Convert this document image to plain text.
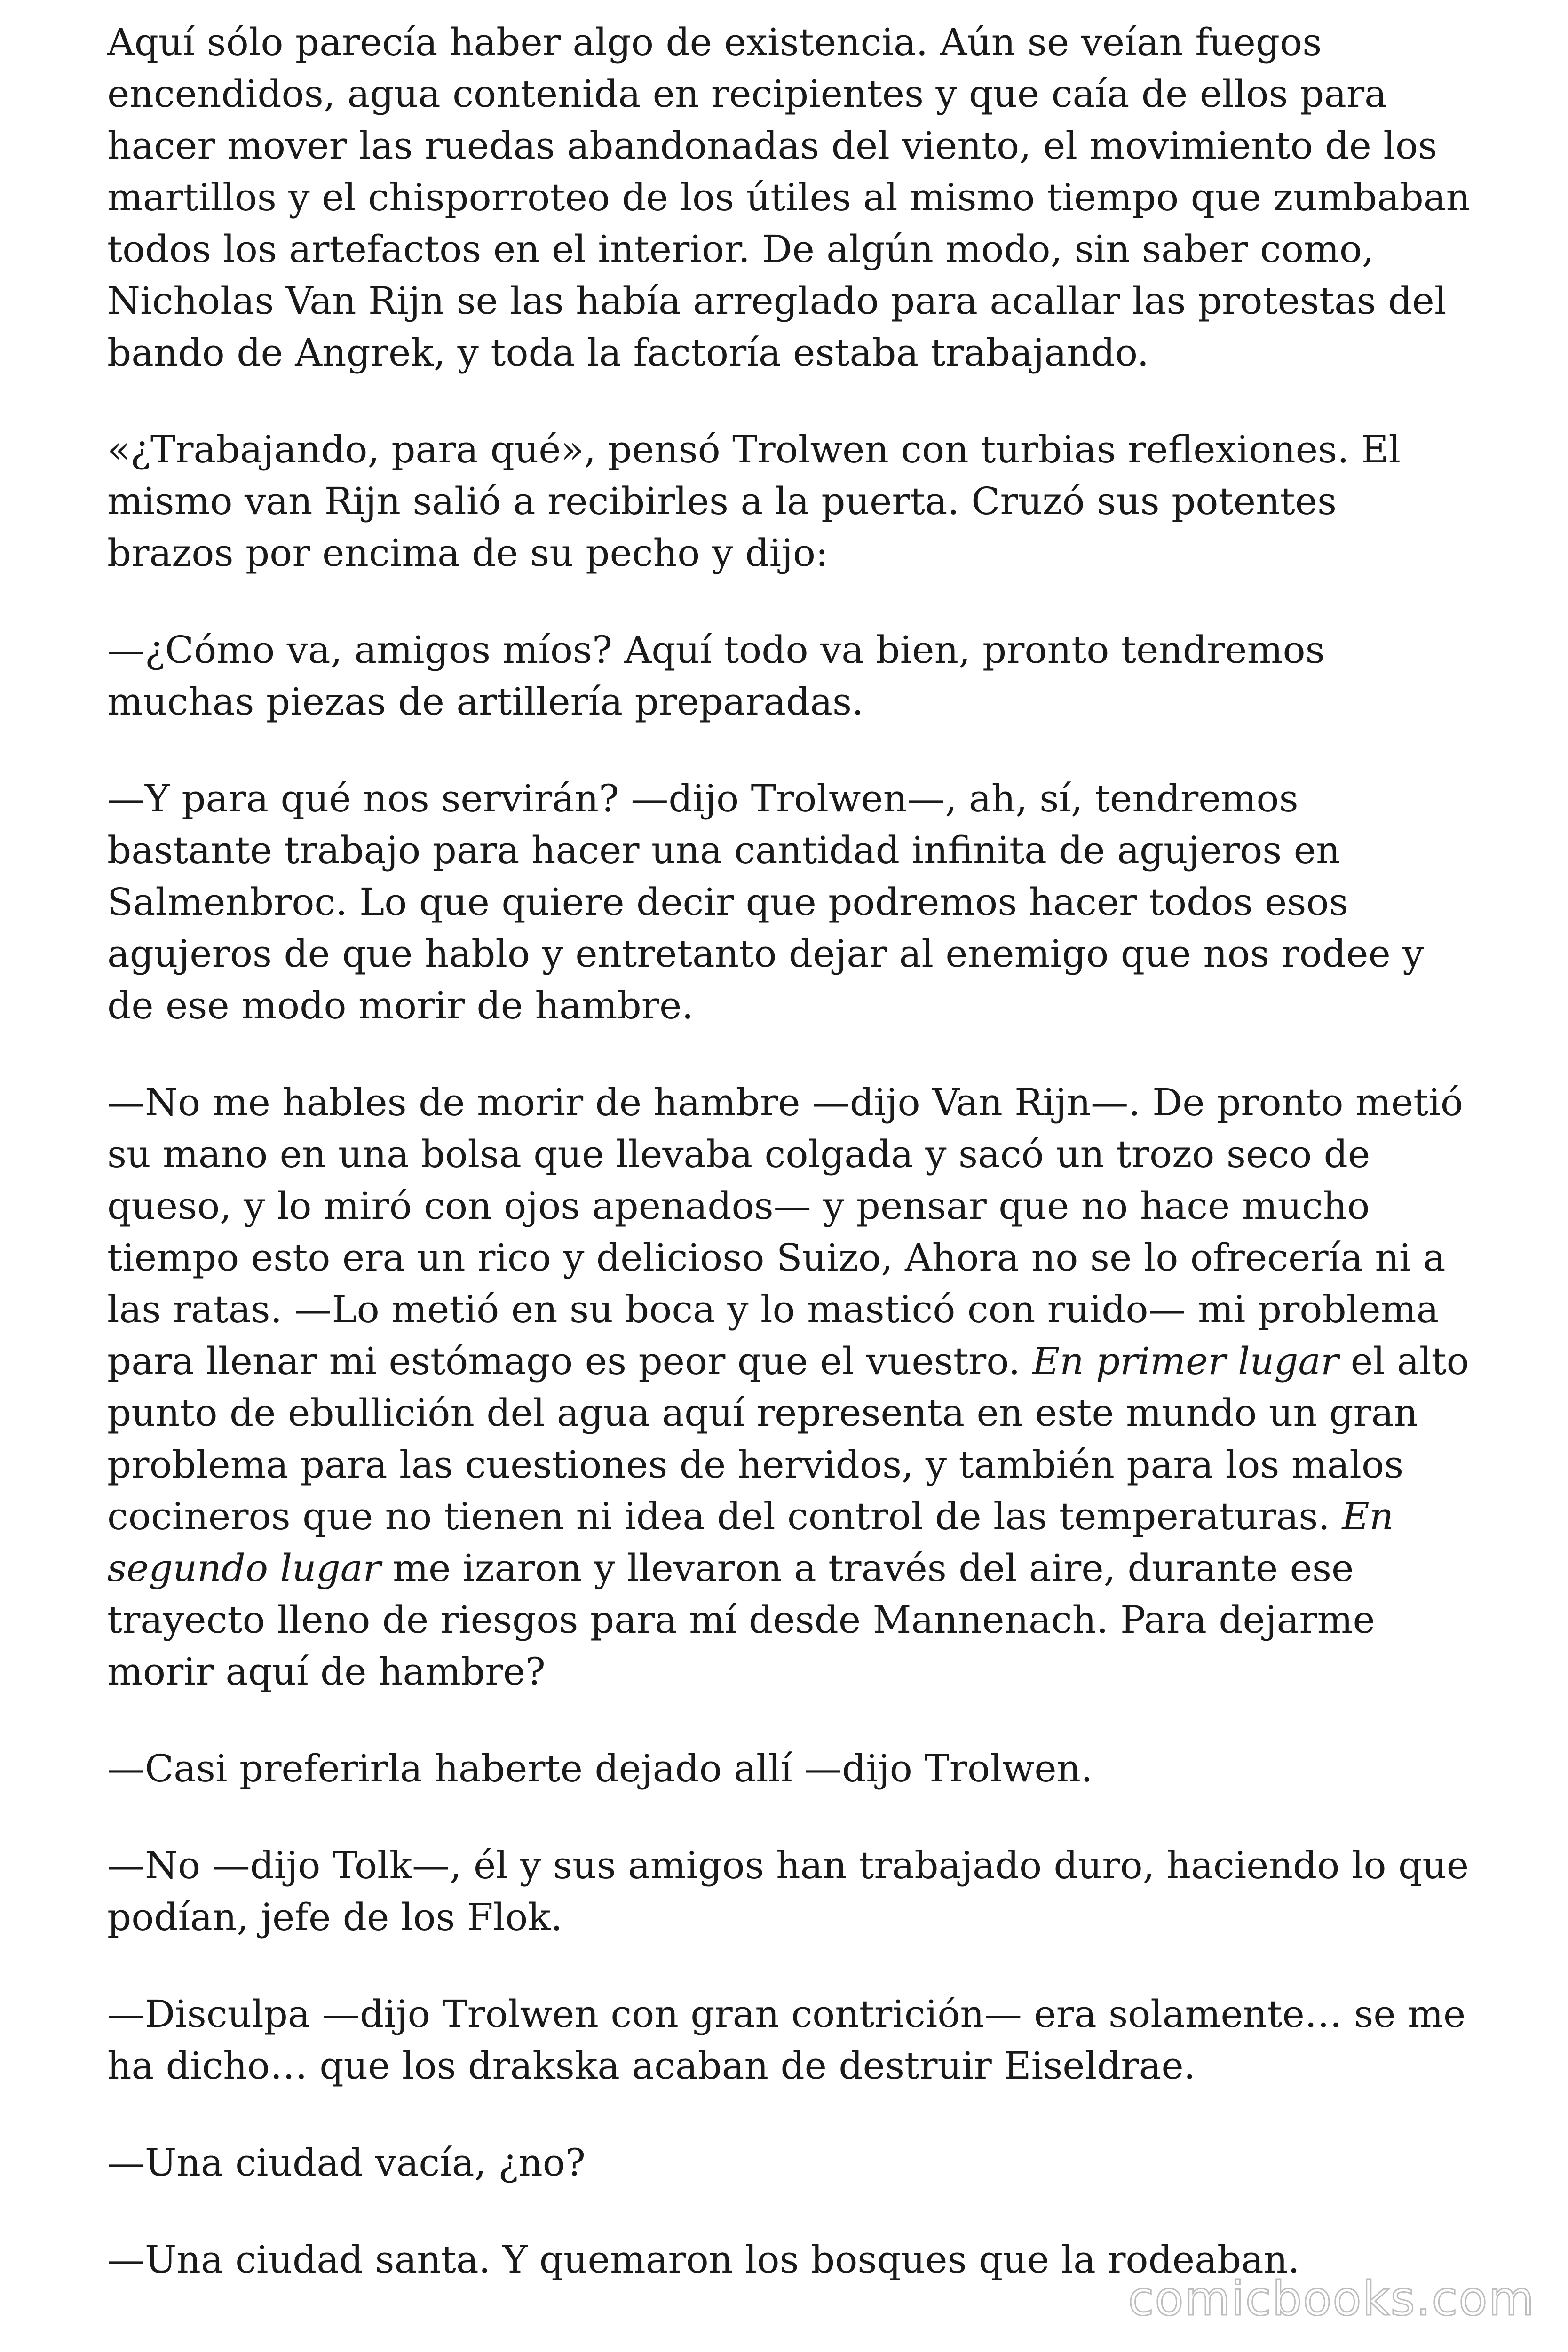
Aquí sólo parecía haber algo de existencia. Aún se veían fuegos encendidos, agua contenida en recipientes y que caía de ellos para hacer mover las ruedas abandonadas del viento, el movimiento de los martillos y el chisporroteo de los útiles al mismo tiempo que zumbaban todos los artefactos en el interior. De algún modo, sin saber como, Nicholas Van Rijn se las había arreglado para acallar las protestas del bando de Angrek, y toda la factoría estaba trabajando.

«¿Trabajando, para qué», pensó Trolwen con turbias reflexiones. El mismo van Rijn salió a recibirles a la puerta. Cruzó sus potentes brazos por encima de su pecho y dijo:

—¿Cómo va, amigos míos? Aquí todo va bien, pronto tendremos muchas piezas de artillería preparadas.

—Y para qué nos servirán? —dijo Trolwen—, ah, sí, tendremos bastante trabajo para hacer una cantidad infinita de agujeros en Salmenbroc. Lo que quiere decir que podremos hacer todos esos agujeros de que hablo y entretanto dejar al enemigo que nos rodee y de ese modo morir de hambre.

—No me hables de morir de hambre —dijo Van Rijn—. De pronto metió su mano en una bolsa que llevaba colgada y sacó un trozo seco de queso, y lo miró con ojos apenados— y pensar que no hace mucho tiempo esto era un rico y delicioso Suizo, Ahora no se lo ofrecería ni a las ratas. —Lo metió en su boca y lo masticó con ruido— mi problema para llenar mi estómago es peor que el vuestro. En primer lugar el alto punto de ebullición del agua aquí representa en este mundo un gran problema para las cuestiones de hervidos, y también para los malos cocineros que no tienen ni idea del control de las temperaturas. En segundo lugar me izaron y llevaron a través del aire, durante ese trayecto lleno de riesgos para mí desde Mannenach. Para dejarme morir aquí de hambre?

—Casi preferirla haberte dejado allí —dijo Trolwen.

—No —dijo Tolk—, él y sus amigos han trabajado duro, haciendo lo que podían, jefe de los Flok.

—Disculpa —dijo Trolwen con gran contrición— era solamente… se me ha dicho… que los drakska acaban de destruir Eiseldrae.

—Una ciudad vacía, ¿no?

—Una ciudad santa. Y quemaron los bosques que la rodeaban.

comicbooks.com
